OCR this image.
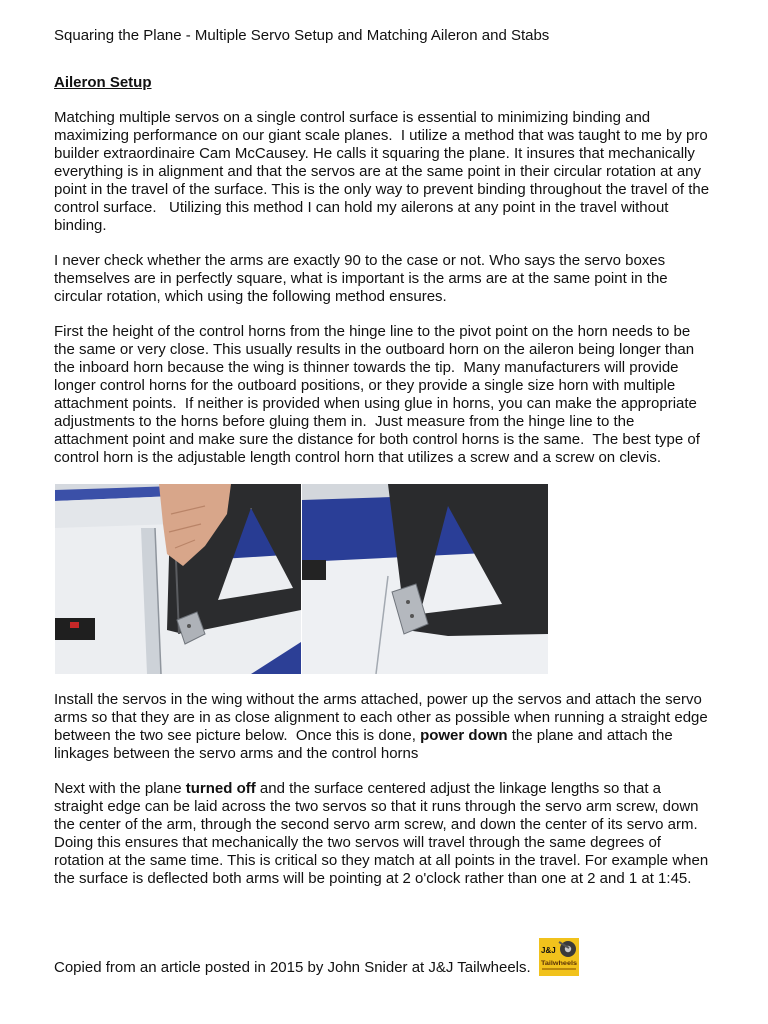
Squaring the Plane - Multiple Servo Setup and Matching Aileron and Stabs
Aileron Setup
Matching multiple servos on a single control surface is essential to minimizing binding and
maximizing performance on our giant scale planes.  I utilize a method that was taught to me by pro
builder extraordinaire Cam McCausey. He calls it squaring the plane. It insures that mechanically
everything is in alignment and that the servos are at the same point in their circular rotation at any
point in the travel of the surface. This is the only way to prevent binding throughout the travel of the
control surface.   Utilizing this method I can hold my ailerons at any point in the travel without
binding.
I never check whether the arms are exactly 90 to the case or not. Who says the servo boxes
themselves are in perfectly square, what is important is the arms are at the same point in the
circular rotation, which using the following method ensures.
First the height of the control horns from the hinge line to the pivot point on the horn needs to be
the same or very close. This usually results in the outboard horn on the aileron being longer than
the inboard horn because the wing is thinner towards the tip.  Many manufacturers will provide
longer control horns for the outboard positions, or they provide a single size horn with multiple
attachment points.  If neither is provided when using glue in horns, you can make the appropriate
adjustments to the horns before gluing them in.  Just measure from the hinge line to the
attachment point and make sure the distance for both control horns is the same.  The best type of
control horn is the adjustable length control horn that utilizes a screw and a screw on clevis.
Install the servos in the wing without the arms attached, power up the servos and attach the servo
arms so that they are in as close alignment to each other as possible when running a straight edge
between the two see picture below.  Once this is done, power down the plane and attach the
linkages between the servo arms and the control horns
Next with the plane turned off and the surface centered adjust the linkage lengths so that a
straight edge can be laid across the two servos so that it runs through the servo arm screw, down
the center of the arm, through the second servo arm screw, and down the center of its servo arm.
Doing this ensures that mechanically the two servos will travel through the same degrees of
rotation at the same time. This is critical so they match at all points in the travel. For example when
the surface is deflected both arms will be pointing at 2 o'clock rather than one at 2 and 1 at 1:45.
Copied from an article posted in 2015 by John Snider at J&J Tailwheels.
J&J
Tailwheels
